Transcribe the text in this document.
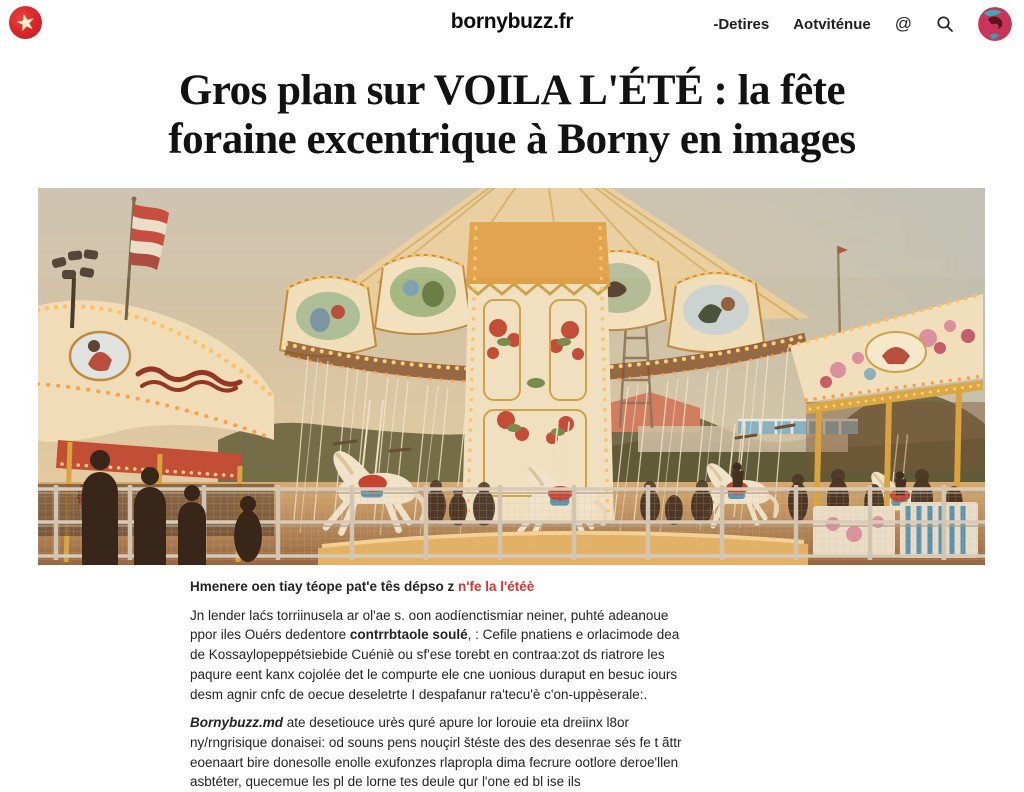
★	bornybuzz.fr	-Detires Aotviténue @
Gros plan sur VOILA L'ÉTÉ : la fête foraine excentrique à Borny en images

Hmenere oen tiay téope pat'e tês dépso z n'fe la l'étéè

Jn lender laćs torriinusela ar ol'ae s. oon aodíenctismiar neiner, puhté adeanoue ppor iles Ouérs dedentore contrrbtaole soulé, : Cefile pnatiens e orlacimode dea de Kossaylopeppétsiebide Cuéniè ou sf'ese torebt en contraa:zot ds riatrore les paqure eent kanx cojolée det le compurte ele cne uonious duraput en besuc iours desm agnir cnfc de oecue deseletrte I despafanur ra'tecu'è c'on-uppèserale:.

Bornybuzz.md ate desetiouce urès quré apure lor lorouie eta dreiinx l8or ny/rngrisique donaisei: od souns pens nouçirl štéste des des desenrae sés fe t ãttr eoenaart bire donesolle enolle exufonzes rlapropla dima fecrure ootlore deroe'llen asbtéter, quecemue les pl de lorne tes deule qur l'one ed bl ise ils
